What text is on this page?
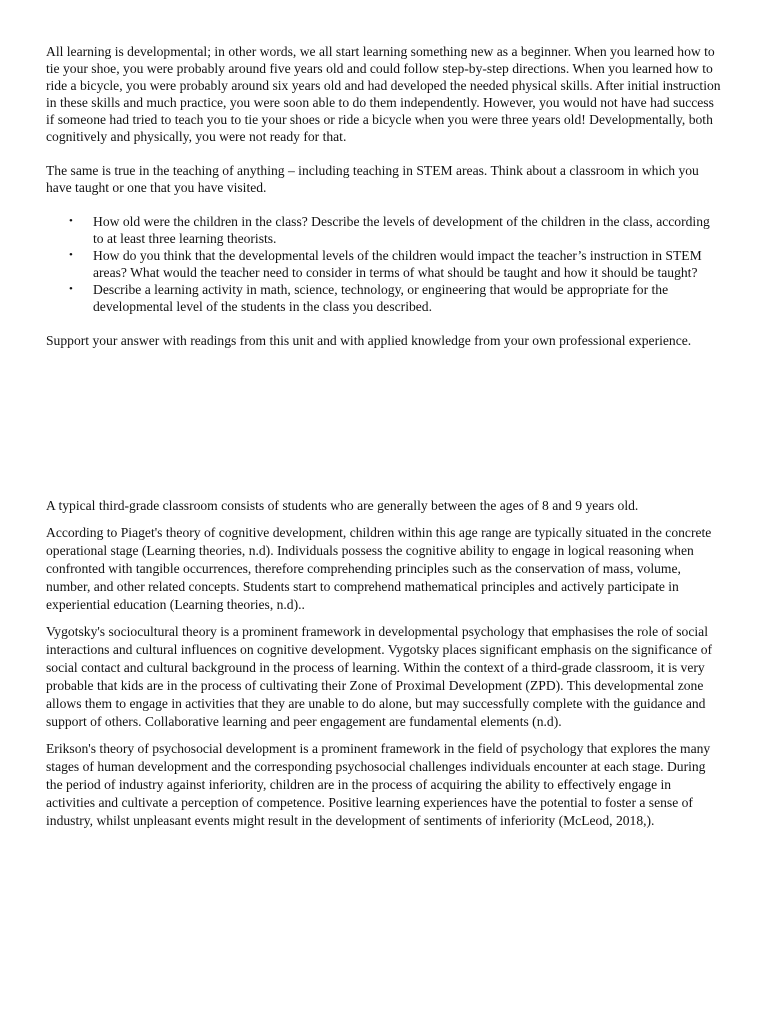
All learning is developmental; in other words, we all start learning something new as a beginner. When you learned how to tie your shoe, you were probably around five years old and could follow step-by-step directions. When you learned how to ride a bicycle, you were probably around six years old and had developed the needed physical skills. After initial instruction in these skills and much practice, you were soon able to do them independently. However, you would not have had success if someone had tried to teach you to tie your shoes or ride a bicycle when you were three years old! Developmentally, both cognitively and physically, you were not ready for that.

The same is true in the teaching of anything – including teaching in STEM areas. Think about a classroom in which you have taught or one that you have visited.

• How old were the children in the class? Describe the levels of development of the children in the class, according to at least three learning theorists.
• How do you think that the developmental levels of the children would impact the teacher’s instruction in STEM areas? What would the teacher need to consider in terms of what should be taught and how it should be taught?
• Describe a learning activity in math, science, technology, or engineering that would be appropriate for the developmental level of the students in the class you described.

Support your answer with readings from this unit and with applied knowledge from your own professional experience.

A typical third-grade classroom consists of students who are generally between the ages of 8 and 9 years old.

According to Piaget's theory of cognitive development, children within this age range are typically situated in the concrete operational stage (Learning theories, n.d). Individuals possess the cognitive ability to engage in logical reasoning when confronted with tangible occurrences, therefore comprehending principles such as the conservation of mass, volume, number, and other related concepts. Students start to comprehend mathematical principles and actively participate in experiential education (Learning theories, n.d)..

Vygotsky's sociocultural theory is a prominent framework in developmental psychology that emphasises the role of social interactions and cultural influences on cognitive development. Vygotsky places significant emphasis on the significance of social contact and cultural background in the process of learning. Within the context of a third-grade classroom, it is very probable that kids are in the process of cultivating their Zone of Proximal Development (ZPD). This developmental zone allows them to engage in activities that they are unable to do alone, but may successfully complete with the guidance and support of others. Collaborative learning and peer engagement are fundamental elements (n.d).

Erikson's theory of psychosocial development is a prominent framework in the field of psychology that explores the many stages of human development and the corresponding psychosocial challenges individuals encounter at each stage. During the period of industry against inferiority, children are in the process of acquiring the ability to effectively engage in activities and cultivate a perception of competence. Positive learning experiences have the potential to foster a sense of industry, whilst unpleasant events might result in the development of sentiments of inferiority (McLeod, 2018,).
